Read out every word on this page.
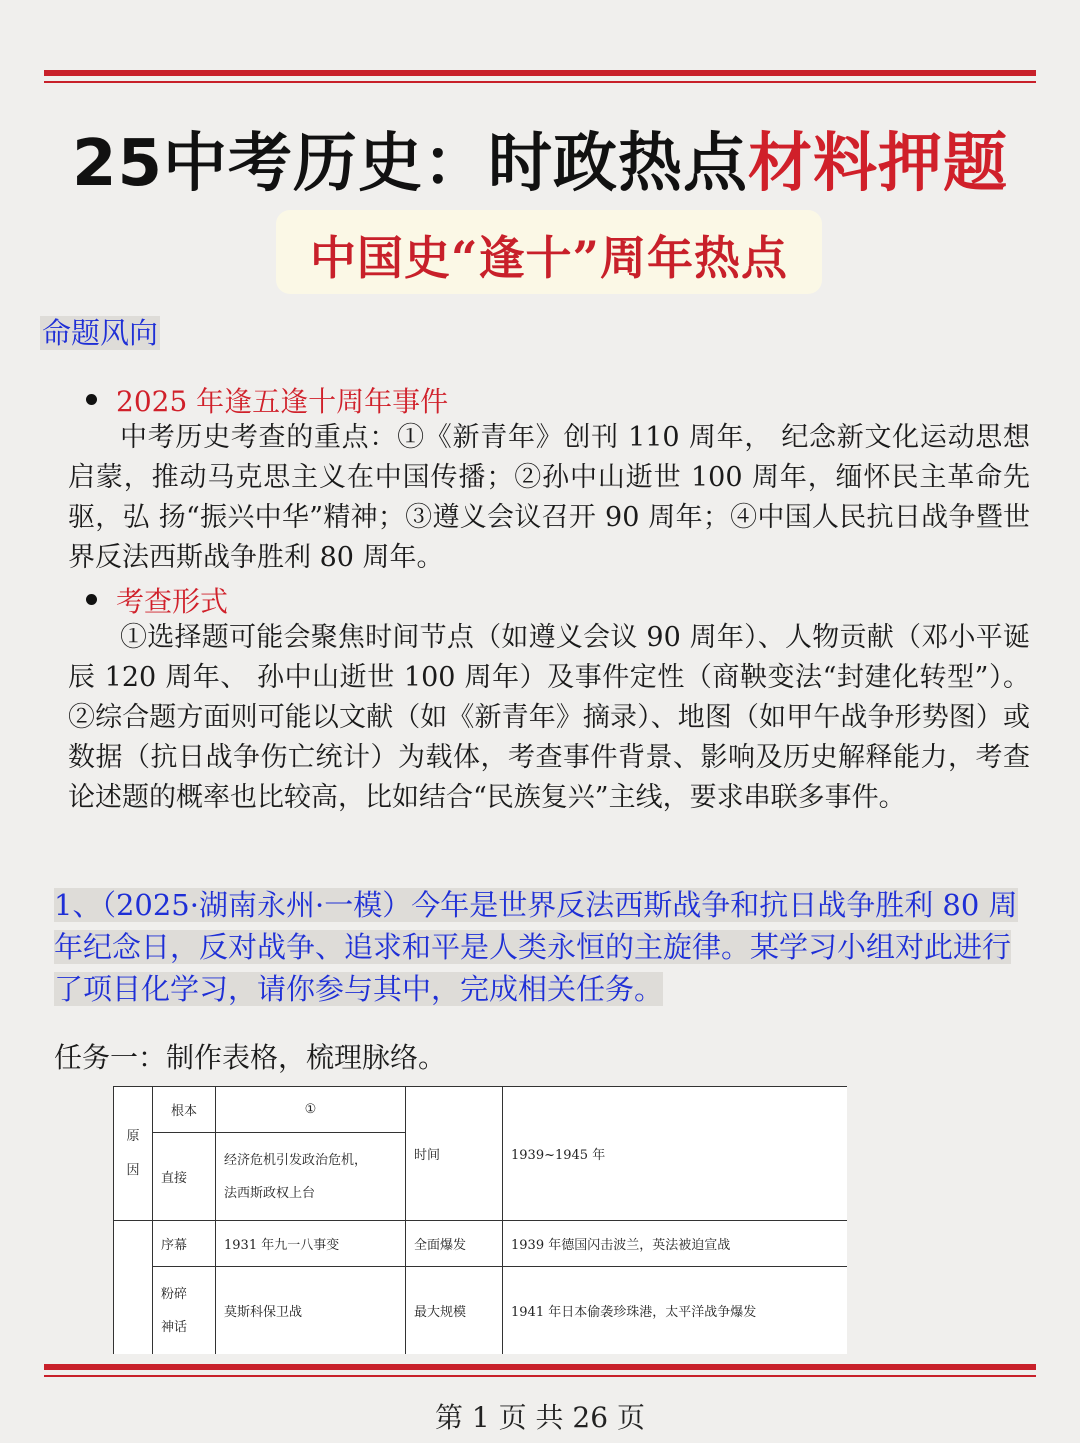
25中考历史：时政热点材料押题
中国史“逢十”周年热点
命题风向
2025 年逢五逢十周年事件
中考历史考查的重点：①《新青年》创刊 110 周年， 纪念新文化运动思想启蒙，推动马克思主义在中国传播；②孙中山逝世 100 周年，缅怀民主革命先驱，弘 扬“振兴中华”精神；③遵义会议召开 90 周年；④中国人民抗日战争暨世界反法西斯战争胜利 80 周年。
考查形式
①选择题可能会聚焦时间节点（如遵义会议 90 周年）、人物贡献（邓小平诞辰 120 周年、 孙中山逝世 100 周年）及事件定性（商鞅变法“封建化转型”）。②综合题方面则可能以文献（如《新青年》摘录）、地图（如甲午战争形势图）或数据（抗日战争伤亡统计）为载体，考查事件背景、影响及历史解释能力，考查论述题的概率也比较高，比如结合“民族复兴”主线，要求串联多事件。
1、（2025·湖南永州·一模）今年是世界反法西斯战争和抗日战争胜利 80 周年纪念日，反对战争、追求和平是人类永恒的主旋律。某学习小组对此进行了项目化学习，请你参与其中，完成相关任务。
任务一：制作表格，梳理脉络。
原
因	根本	①	时间	1939~1945 年
	直接	经济危机引发政治危机，
法西斯政权上台		
	序幕	1931 年九一八事变	全面爆发	1939 年德国闪击波兰，英法被迫宣战
	粉碎
神话	莫斯科保卫战	最大规模	1941 年日本偷袭珍珠港，太平洋战争爆发
第 1 页 共 26 页
